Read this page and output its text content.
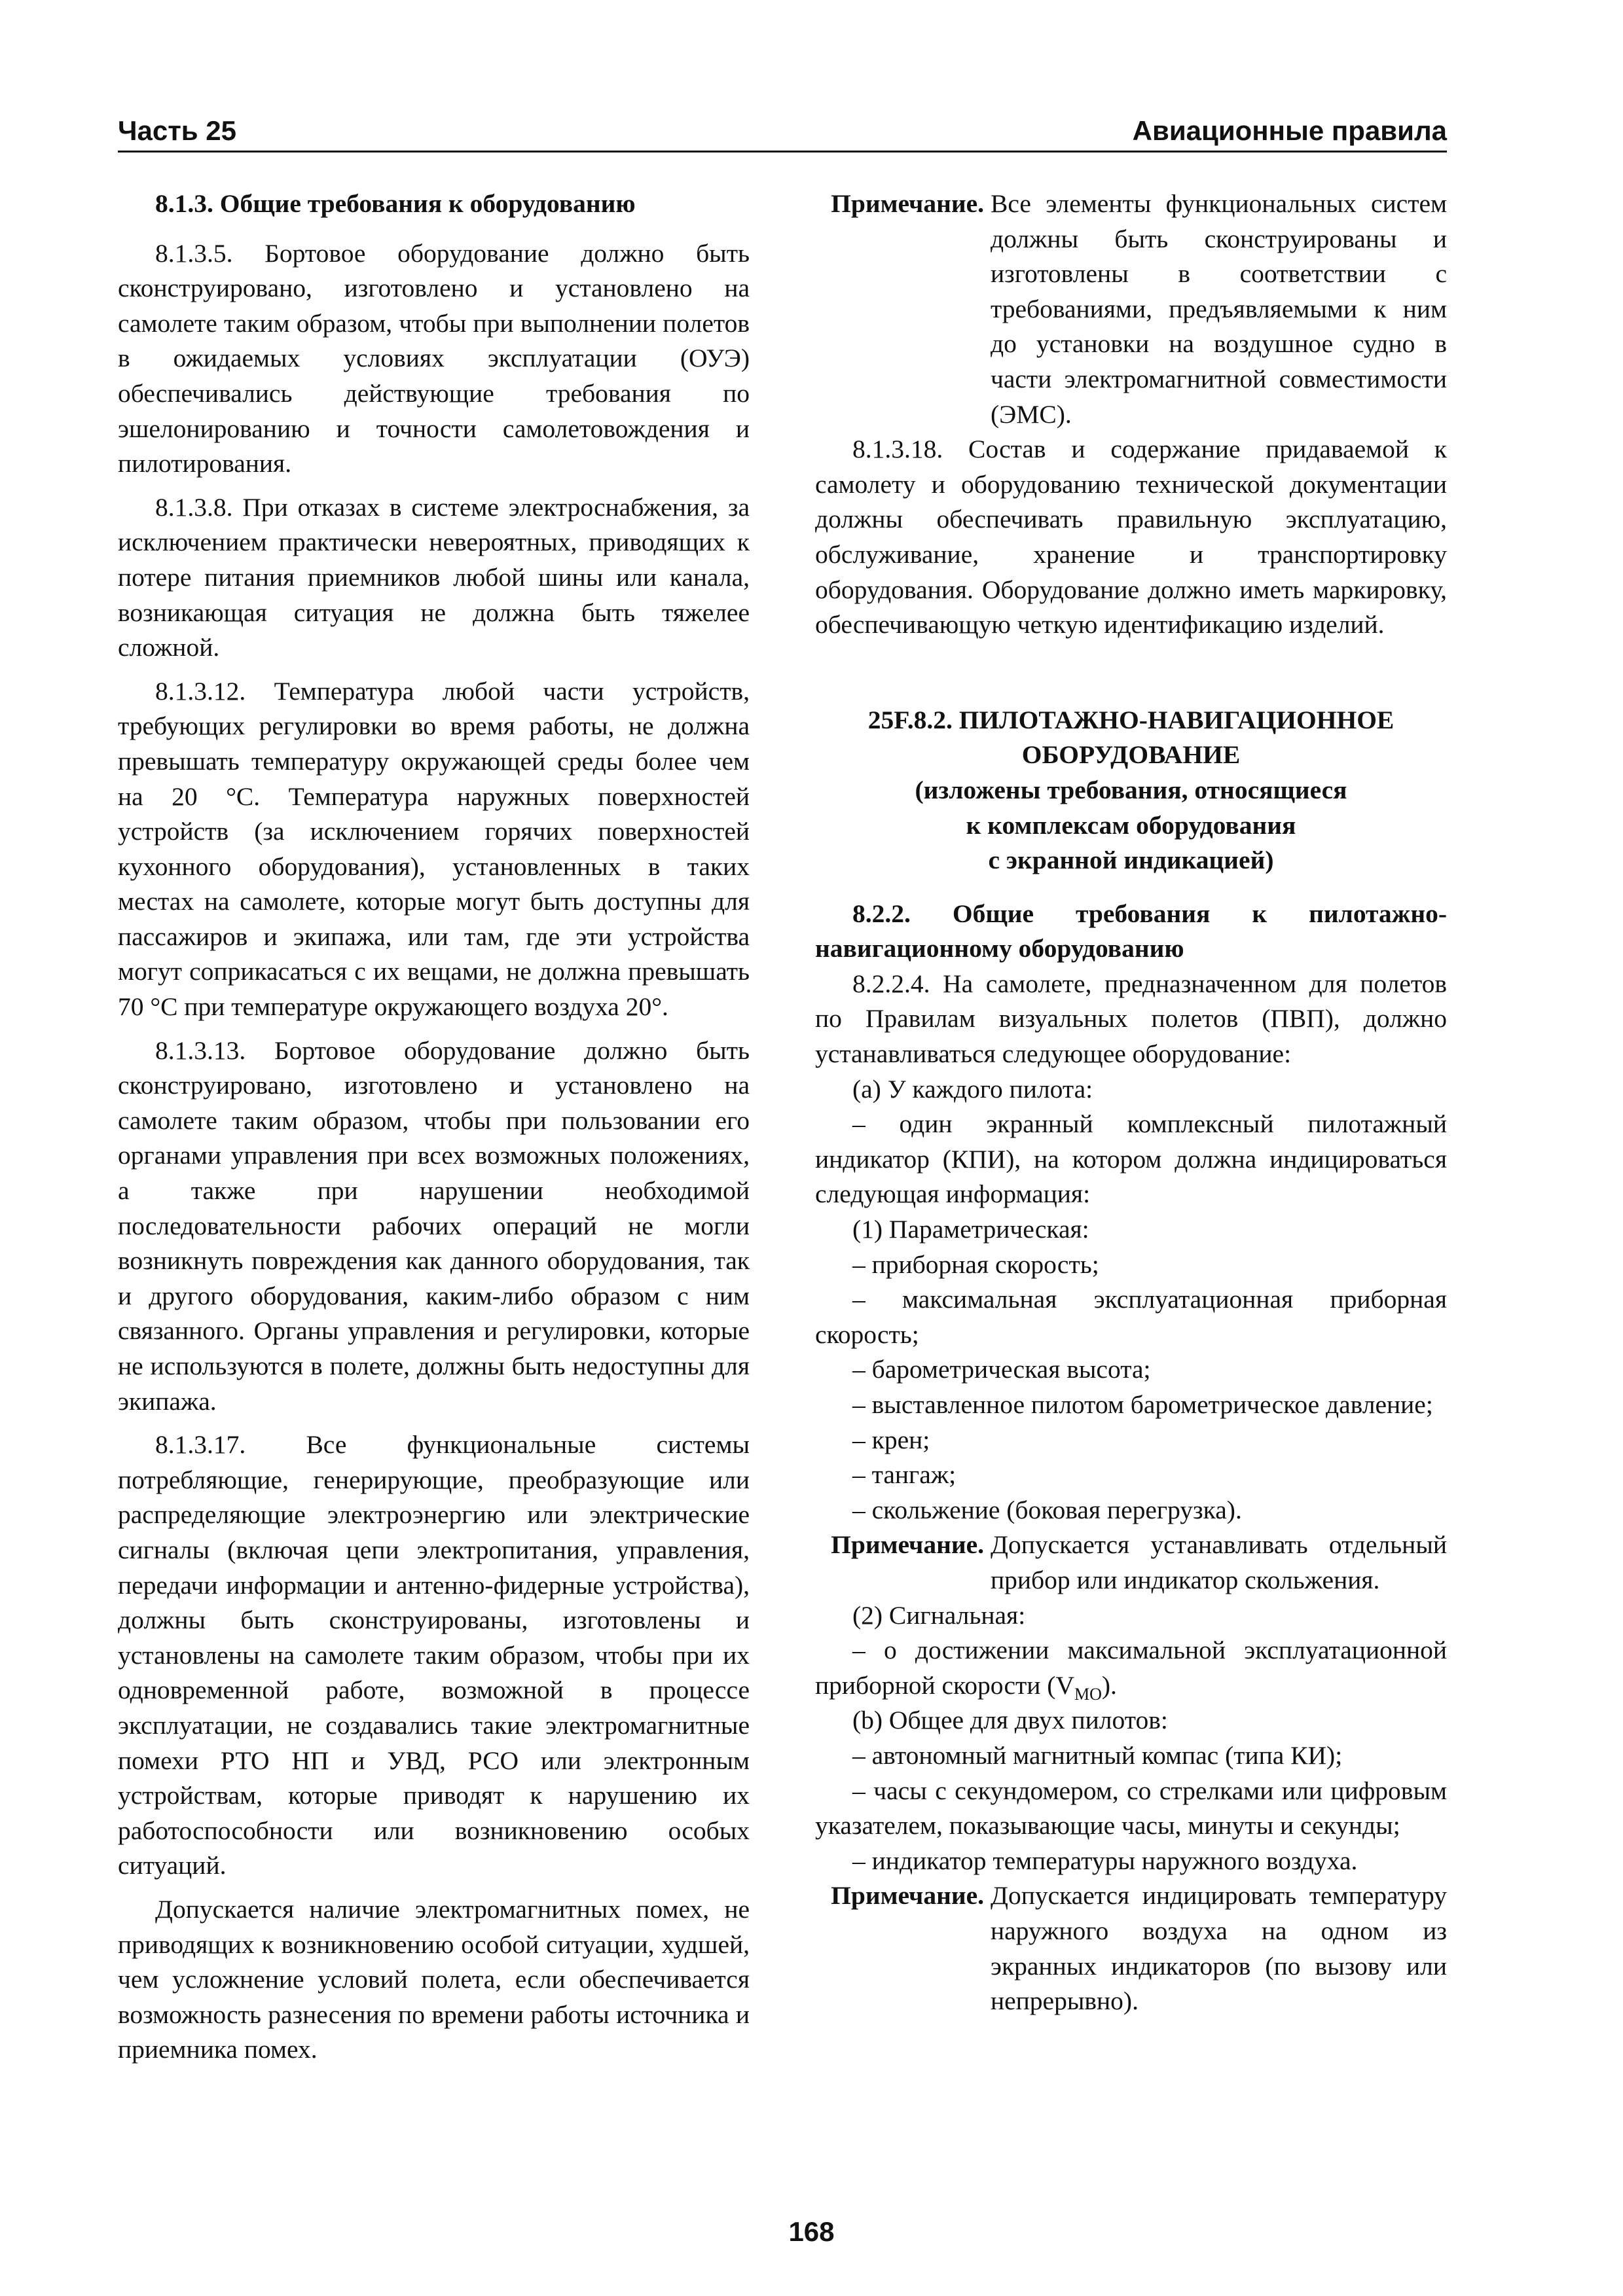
Часть 25	Авиационные правила

8.1.3. Общие требования к оборудованию

8.1.3.5. Бортовое оборудование должно быть сконструировано, изготовлено и установлено на самолете таким образом, чтобы при выполнении полетов в ожидаемых условиях эксплуатации (ОУЭ) обеспечивались действующие требования по эшелонированию и точности самолетовождения и пилотирования.

8.1.3.8. При отказах в системе электроснабжения, за исключением практически невероятных, приводящих к потере питания приемников любой шины или канала, возникающая ситуация не должна быть тяжелее сложной.

8.1.3.12. Температура любой части устройств, требующих регулировки во время работы, не должна превышать температуру окружающей среды более чем на 20 °С. Температура наружных поверхностей устройств (за исключением горячих поверхностей кухонного оборудования), установленных в таких местах на самолете, которые могут быть доступны для пассажиров и экипажа, или там, где эти устройства могут соприкасаться с их вещами, не должна превышать 70 °С при температуре окружающего воздуха 20°.

8.1.3.13. Бортовое оборудование должно быть сконструировано, изготовлено и установлено на самолете таким образом, чтобы при пользовании его органами управления при всех возможных положениях, а также при нарушении необходимой последовательности рабочих операций не могли возникнуть повреждения как данного оборудования, так и другого оборудования, каким-либо образом с ним связанного. Органы управления и регулировки, которые не используются в полете, должны быть недоступны для экипажа.

8.1.3.17. Все функциональные системы потребляющие, генерирующие, преобразующие или распределяющие электроэнергию или электрические сигналы (включая цепи электропитания, управления, передачи информации и антенно-фидерные устройства), должны быть сконструированы, изготовлены и установлены на самолете таким образом, чтобы при их одновременной работе, возможной в процессе эксплуатации, не создавались такие электромагнитные помехи РТО НП и УВД, РСО или электронным устройствам, которые приводят к нарушению их работоспособности или возникновению особых ситуаций.

Допускается наличие электромагнитных помех, не приводящих к возникновению особой ситуации, худшей, чем усложнение условий полета, если обеспечивается возможность разнесения по времени работы источника и приемника помех.

Примечание. Все элементы функциональных систем должны быть сконструированы и изготовлены в соответствии с требованиями, предъявляемыми к ним до установки на воздушное судно в части электромагнитной совместимости (ЭМС).

8.1.3.18. Состав и содержание придаваемой к самолету и оборудованию технической документации должны обеспечивать правильную эксплуатацию, обслуживание, хранение и транспортировку оборудования. Оборудование должно иметь маркировку, обеспечивающую четкую идентификацию изделий.

25F.8.2. ПИЛОТАЖНО-НАВИГАЦИОННОЕ

ОБОРУДОВАНИЕ

(изложены требования, относящиеся

к комплексам оборудования

с экранной индикацией)

8.2.2. Общие требования к пилотажно-навигационному оборудованию

8.2.2.4. На самолете, предназначенном для полетов по Правилам визуальных полетов (ПВП), должно устанавливаться следующее оборудование:

(а) У каждого пилота:

– один экранный комплексный пилотажный индикатор (КПИ), на котором должна индицироваться следующая информация:

(1) Параметрическая:

– приборная скорость;

– максимальная эксплуатационная приборная скорость;

– барометрическая высота;

– выставленное пилотом барометрическое давление;

– крен;

– тангаж;

– скольжение (боковая перегрузка).

Примечание. Допускается устанавливать отдельный прибор или индикатор скольжения.

(2) Сигнальная:

– о достижении максимальной эксплуатационной приборной скорости $(V_{MO})$.

(b) Общее для двух пилотов:

– автономный магнитный компас (типа КИ);

– часы с секундомером, со стрелками или цифровым указателем, показывающие часы, минуты и секунды;

– индикатор температуры наружного воздуха.

Примечание. Допускается индицировать температуру наружного воздуха на одном из экранных индикаторов (по вызову или непрерывно).
168
